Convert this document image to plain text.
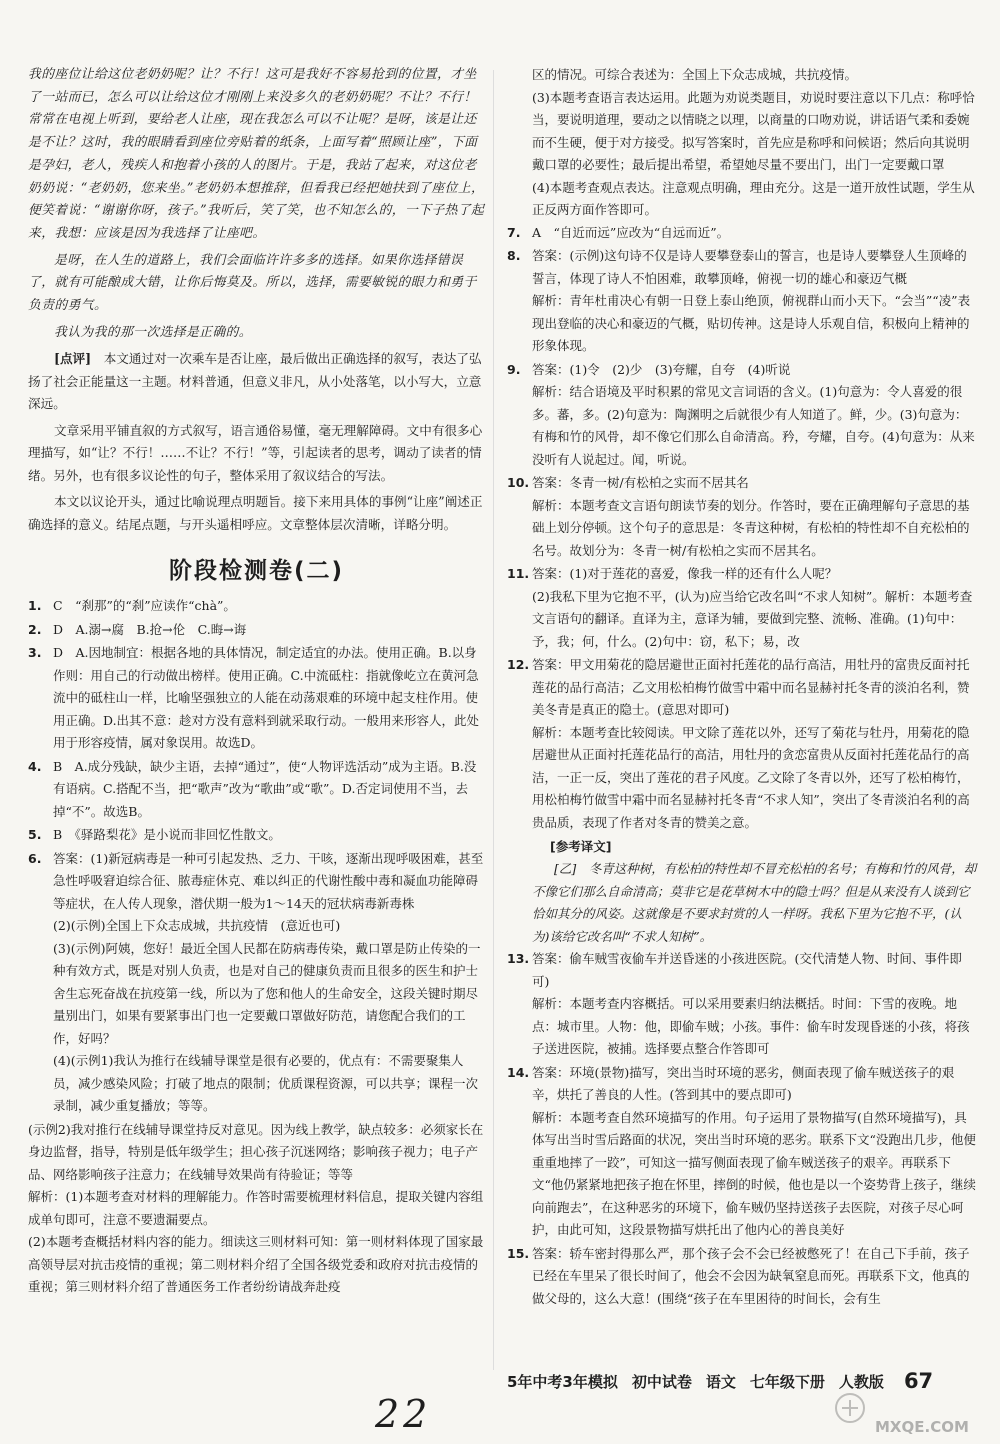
我的座位让给这位老奶奶呢？让？不行！这可是我好不容易抢到的位置，才坐了一站而已，怎么可以让给这位才刚刚上来没多久的老奶奶呢？不让？不行！常常在电视上听到，要给老人让座，现在我怎么可以不让呢？是呀，该是让还是不让？这时，我的眼睛看到座位旁贴着的纸条，上面写着“照顾让座”，下面是孕妇，老人，残疾人和抱着小孩的人的图片。于是，我站了起来，对这位老奶奶说：“老奶奶，您来坐。”老奶奶本想推辞，但看我已经把她扶到了座位上，便笑着说：“谢谢你呀，孩子。”我听后，笑了笑，也不知怎么的，一下子热了起来，我想：应该是因为我选择了让座吧。

是呀，在人生的道路上，我们会面临许许多多的选择。如果你选择错误了，就有可能酿成大错，让你后悔莫及。所以，选择，需要敏锐的眼力和勇于负责的勇气。

我认为我的那一次选择是正确的。

[点评]　 本文通过对一次乘车是否让座，最后做出正确选择的叙写，表达了弘扬了社会正能量这一主题。材料普通，但意义非凡，从小处落笔，以小写大，立意深远。

文章采用平铺直叙的方式叙写，语言通俗易懂，毫无理解障碍。文中有很多心理描写，如“让？不行！……不让？不行！”等，引起读者的思考，调动了读者的情绪。另外，也有很多议论性的句子，整体采用了叙议结合的写法。

本文以议论开头，通过比喻说理点明题旨。接下来用具体的事例“让座”阐述正确选择的意义。结尾点题，与开头遥相呼应。文章整体层次清晰，详略分明。

阶段检测卷(二)
1. C　“刹那”的“刹”应读作“chà”。

2. D　A.溺→腐　B.抢→伦　C.晦→诲

3. D　A.因地制宜：根据各地的具体情况，制定适宜的办法。使用正确。B.以身作则：用自己的行动做出榜样。使用正确。C.中流砥柱：指就像屹立在黄河急流中的砥柱山一样，比喻坚强独立的人能在动荡艰难的环境中起支柱作用。使用正确。D.出其不意：趁对方没有意料到就采取行动。一般用来形容人，此处用于形容疫情，属对象误用。故选D。

4. B　A.成分残缺，缺少主语，去掉“通过”，使“人物评选活动”成为主语。B.没有语病。C.搭配不当，把“歌声”改为“歌曲”或“歌”。D.否定词使用不当，去掉“不”。故选B。

5. B　《驿路梨花》是小说而非回忆性散文。

6. 答案：(1)新冠病毒是一种可引起发热、乏力、干咳，逐渐出现呼吸困难，甚至急性呼吸窘迫综合征、脓毒症休克、难以纠正的代谢性酸中毒和凝血功能障碍等症状，在人传人现象，潜伏期一般为1～14天的冠状病毒新毒株

(2)(示例)全国上下众志成城，共抗疫情　(意近也可)

(3)(示例)阿姨，您好！最近全国人民都在防病毒传染，戴口罩是防止传染的一种有效方式，既是对别人负责，也是对自己的健康负责而且很多的医生和护士舍生忘死奋战在抗疫第一线，所以为了您和他人的生命安全，这段关键时期尽量别出门，如果有要紧事出门也一定要戴口罩做好防范，请您配合我们的工作，好吗？

(4)(示例1)我认为推行在线辅导课堂是很有必要的，优点有：不需要聚集人员，减少感染风险；打破了地点的限制；优质课程资源，可以共享；课程一次录制，减少重复播放；等等。

(示例2)我对推行在线辅导课堂持反对意见。因为线上教学，缺点较多：必须家长在身边监督，指导，特别是低年级学生；担心孩子沉迷网络；影响孩子视力；电子产品、网络影响孩子注意力；在线辅导效果尚有待验证；等等

解析：(1)本题考查对材料的理解能力。作答时需要梳理材料信息，提取关键内容组成单句即可，注意不要遗漏要点。

(2)本题考查概括材料内容的能力。细读这三则材料可知：第一则材料体现了国家最高领导层对抗击疫情的重视；第二则材料介绍了全国各级党委和政府对抗击疫情的重视；第三则材料介绍了普通医务工作者纷纷请战奔赴疫

区的情况。可综合表述为：全国上下众志成城，共抗疫情。

(3)本题考查语言表达运用。此题为劝说类题目，劝说时要注意以下几点：称呼恰当，要说明道理，要动之以情晓之以理，以商量的口吻劝说，讲话语气柔和委婉而不生硬，便于对方接受。拟写答案时，首先应是称呼和问候语；然后向其说明戴口罩的必要性；最后提出希望，希望她尽量不要出门，出门一定要戴口罩

(4)本题考查观点表达。注意观点明确，理由充分。这是一道开放性试题，学生从正反两方面作答即可。

7. A　“自近而远”应改为“自远而近”。

8. 答案：(示例)这句诗不仅是诗人要攀登泰山的誓言，也是诗人要攀登人生顶峰的誓言，体现了诗人不怕困难，敢攀顶峰，俯视一切的雄心和豪迈气概

解析：青年杜甫决心有朝一日登上泰山绝顶，俯视群山而小天下。“会当”“凌”表现出登临的决心和豪迈的气概，贴切传神。这是诗人乐观自信，积极向上精神的形象体现。

9. 答案：(1)令　(2)少　(3)夸耀，自夸　(4)听说

解析：结合语境及平时积累的常见文言词语的含义。(1)句意为：令人喜爱的很多。蕃，多。(2)句意为：陶渊明之后就很少有人知道了。鲜，少。(3)句意为：有梅和竹的风骨，却不像它们那么自命清高。矜，夸耀，自夸。(4)句意为：从来没听有人说起过。闻，听说。

10. 答案：冬青一树/有松柏之实而不居其名

解析：本题考查文言语句朗读节奏的划分。作答时，要在正确理解句子意思的基础上划分停顿。这个句子的意思是：冬青这种树，有松柏的特性却不自充松柏的名号。故划分为：冬青一树/有松柏之实而不居其名。

11. 答案：(1)对于莲花的喜爱，像我一样的还有什么人呢？

(2)我私下里为它抱不平，(认为)应当给它改名叫“不求人知树”。解析：本题考查文言语句的翻译。直译为主，意译为辅，要做到完整、流畅、准确。(1)句中：予，我；何，什么。(2)句中：窃，私下；易，改

12. 答案：甲文用菊花的隐居避世正面衬托莲花的品行高洁，用牡丹的富贵反面衬托莲花的品行高洁；乙文用松柏梅竹做雪中霜中而名显赫衬托冬青的淡泊名利，赞美冬青是真正的隐士。(意思对即可)

解析：本题考查比较阅读。甲文除了莲花以外，还写了菊花与牡丹，用菊花的隐居避世从正面衬托莲花品行的高洁，用牡丹的贪恋富贵从反面衬托莲花品行的高洁，一正一反，突出了莲花的君子风度。乙文除了冬青以外，还写了松柏梅竹，用松柏梅竹做雪中霜中而名显赫衬托冬青“不求人知”，突出了冬青淡泊名利的高贵品质，表现了作者对冬青的赞美之意。

[参考译文]

[乙]　冬青这种树，有松柏的特性却不冒充松柏的名号；有梅和竹的风骨，却不像它们那么自命清高；莫非它是花草树木中的隐士吗？但是从来没有人谈到它恰如其分的风姿。这就像是不要求封赏的人一样呀。我私下里为它抱不平，(认为)该给它改名叫“不求人知树”。

13. 答案：偷车贼雪夜偷车并送昏迷的小孩进医院。(交代清楚人物、时间、事件即可)

解析：本题考查内容概括。可以采用要素归纳法概括。时间：下雪的夜晚。地点：城市里。人物：他，即偷车贼；小孩。事件：偷车时发现昏迷的小孩，将孩子送进医院，被捕。选择要点整合作答即可

14. 答案：环境(景物)描写，突出当时环境的恶劣，侧面表现了偷车贼送孩子的艰辛，烘托了善良的人性。(答到其中的要点即可)

解析：本题考查自然环境描写的作用。句子运用了景物描写(自然环境描写)，具体写出当时雪后路面的状况，突出当时环境的恶劣。联系下文“没跑出几步，他便重重地摔了一跤”，可知这一描写侧面表现了偷车贼送孩子的艰辛。再联系下文“他仍紧紧地把孩子抱在怀里，摔倒的时候，他也是以一个姿势背上孩子，继续向前跑去”，在这种恶劣的环境下，偷车贼仍坚持送孩子去医院，对孩子尽心呵护，由此可知，这段景物描写烘托出了他内心的善良美好

15. 答案：轿车密封得那么严，那个孩子会不会已经被憋死了！在自己下手前，孩子已经在车里呆了很长时间了，他会不会因为缺氧窒息而死。再联系下文，他真的做父母的，这么大意！(围绕“孩子在车里困待的时间长，会有生

5年中考3年模拟 初中试卷 语文 七年级下册 人教版 67
22	MXQE.COM
